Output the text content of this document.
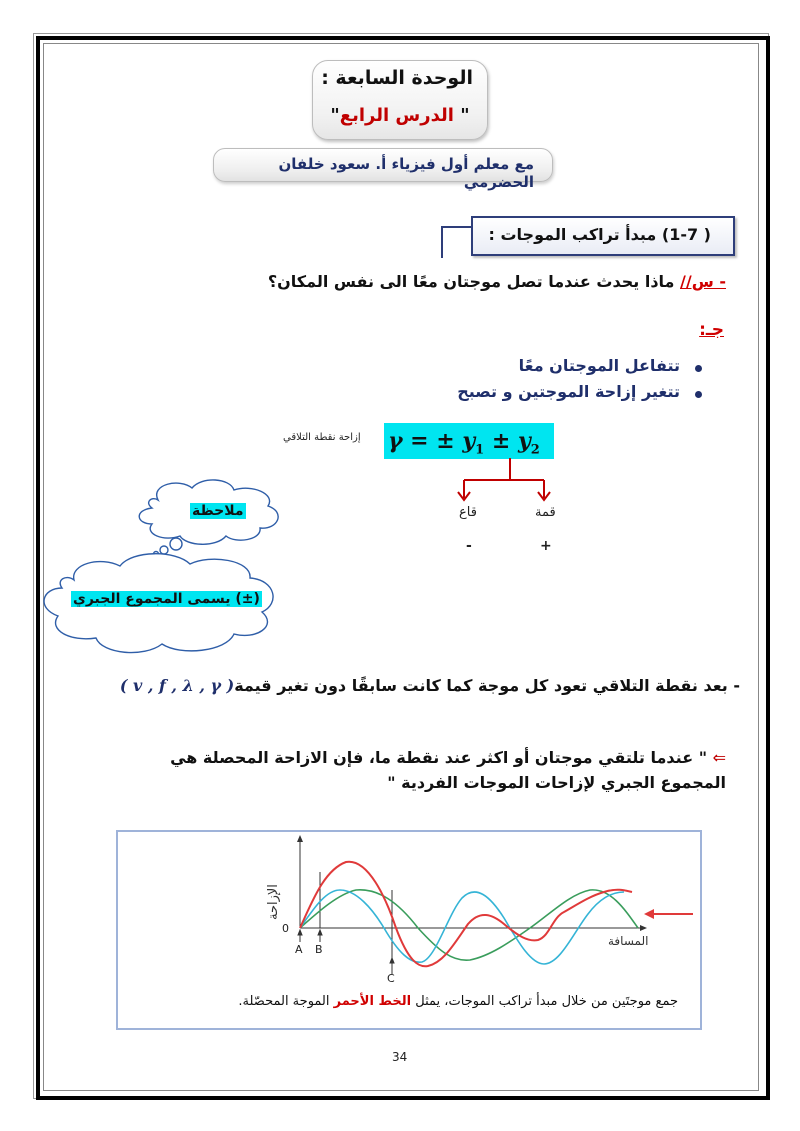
الوحدة السابعة :
" الدرس الرابع"
مع معلم أول فيزياء أ. سعود خلفان الحضرمي
( 1-7) مبدأ تراكب الموجات :
- س// ماذا يحدث عندما تصل موجتان معًا الى نفس المكان؟
جـ:
تتفاعل الموجتان معًا
تتغير إزاحة الموجتين و تصبح
إزاحة نقطة التلاقي γ = ± $y_1 \pm y_2$
قمة
قاع
+
-
ملاحظة
(±) يسمى المجموع الجبري
- بعد نقطة التلاقي تعود كل موجة كما كانت سابقًا دون تغير قيمة( v , f , λ , γ )
⇐ " عندما تلتقي موجتان أو اكثر عند نقطة ما، فإن الازاحة المحصلة هي المجموع الجبري لإزاحات الموجات الفردية "
الإزاحة
المسافة
0
A B
C
جمع موجتَين من خلال مبدأ تراكب الموجات، يمثل الخط الأحمر الموجة المحصّلة.
34
